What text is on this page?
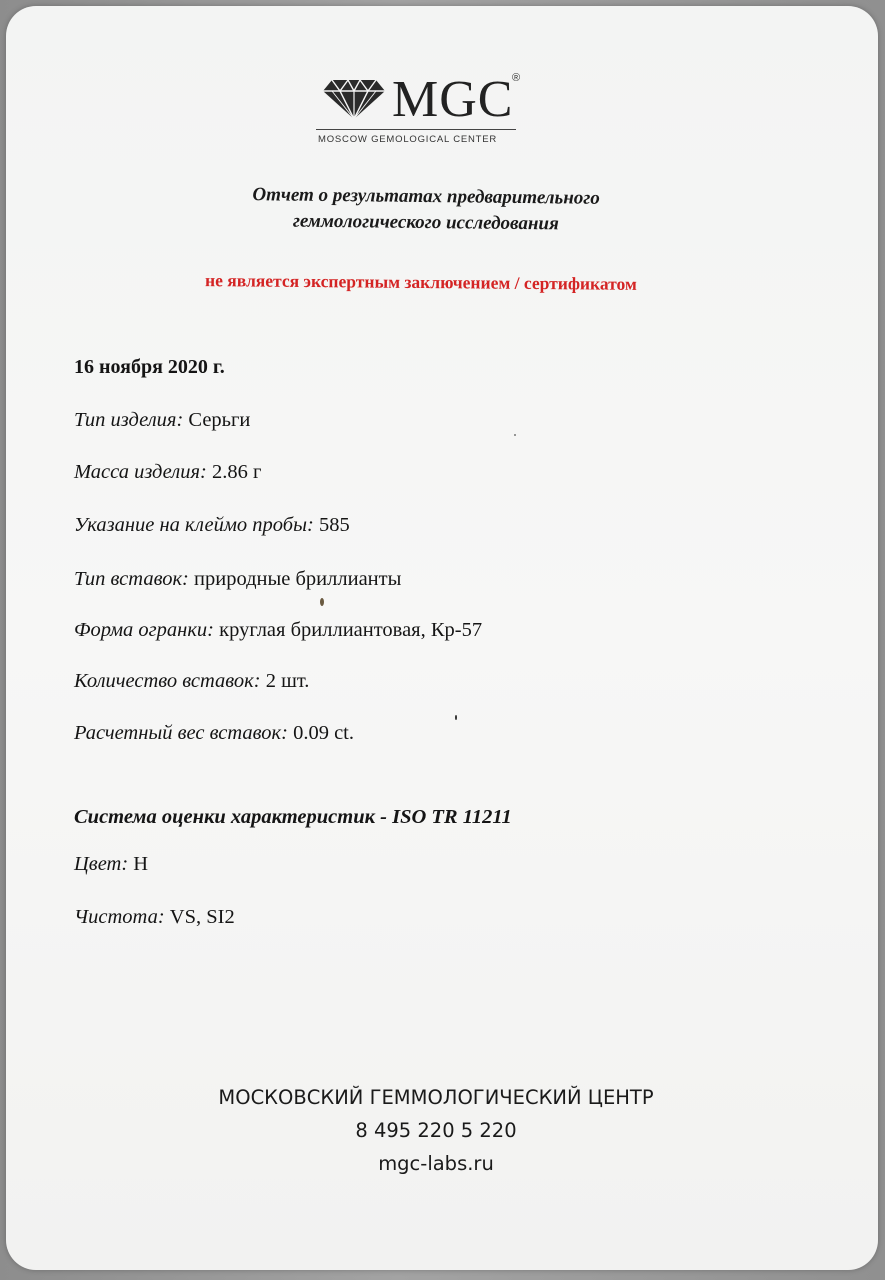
MGC
®
MOSCOW GEMOLOGICAL CENTER
Отчет о результатах предварительного
геммологического исследования
не является экспертным заключением / сертификатом
16 ноября 2020 г.
Тип изделия: Серьги
Масса изделия: 2.86 г
Указание на клеймо пробы: 585
Тип вставок: природные бриллианты
Форма огранки: круглая бриллиантовая, Кр-57
Количество вставок: 2 шт.
Расчетный вес вставок: 0.09 ct.
Система оценки характеристик - ISO TR 11211
Цвет: H
Чистота: VS, SI2
МОСКОВСКИЙ ГЕММОЛОГИЧЕСКИЙ ЦЕНТР
8 495 220 5 220
mgc-labs.ru
